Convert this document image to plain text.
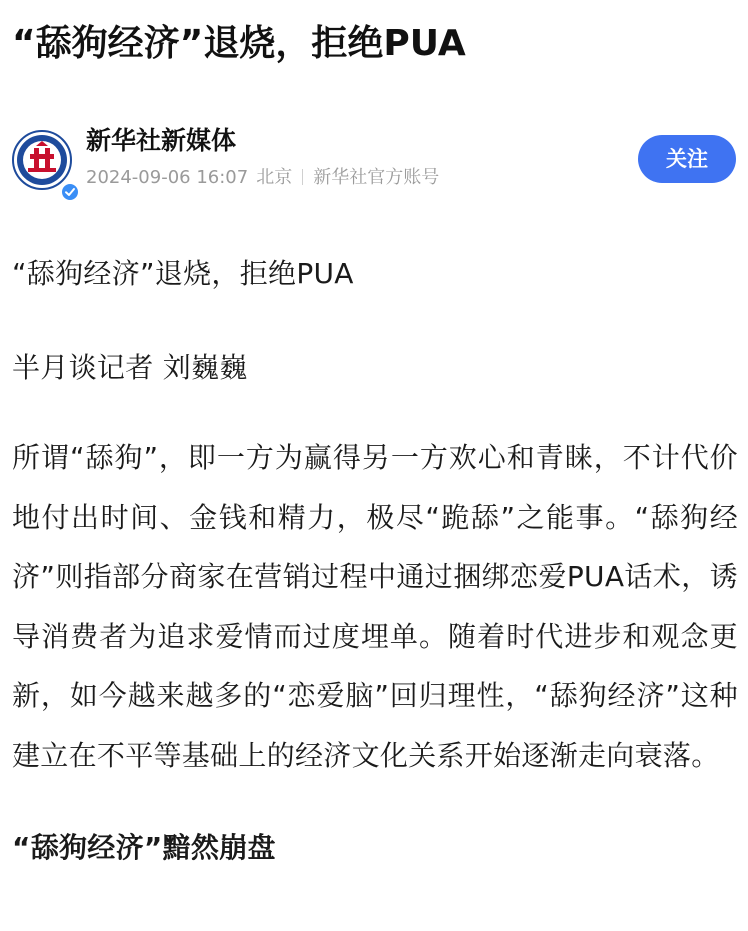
“舔狗经济”退烧，拒绝PUA
新华社新媒体
2024-09-06 16:07 北京 新华社官方账号
关注

“舔狗经济”退烧，拒绝PUA

半月谈记者 刘巍巍

所谓“舔狗”，即一方为赢得另一方欢心和青睐，不计代价地付出时间、金钱和精力，极尽“跪舔”之能事。“舔狗经济”则指部分商家在营销过程中通过捆绑恋爱PUA话术，诱导消费者为追求爱情而过度埋单。随着时代进步和观念更新，如今越来越多的“恋爱脑”回归理性，“舔狗经济”这种建立在不平等基础上的经济文化关系开始逐渐走向衰落。

“舔狗经济”黯然崩盘
